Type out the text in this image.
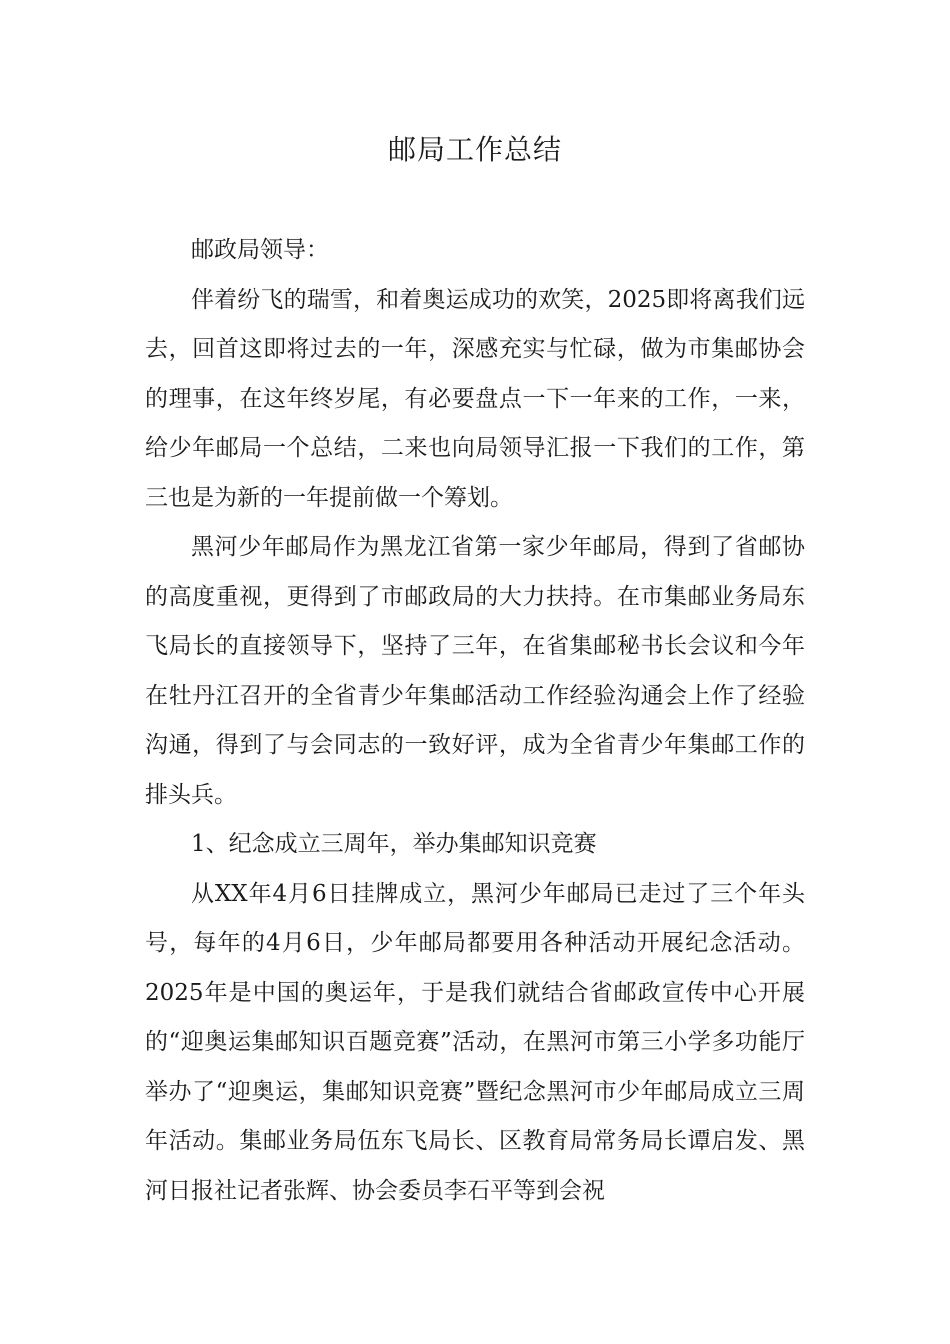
邮局工作总结

邮政局领导：

伴着纷飞的瑞雪，和着奥运成功的欢笑，2025即将离我们远去，回首这即将过去的一年，深感充实与忙碌，做为市集邮协会的理事，在这年终岁尾，有必要盘点一下一年来的工作，一来，给少年邮局一个总结，二来也向局领导汇报一下我们的工作，第三也是为新的一年提前做一个筹划。

黑河少年邮局作为黑龙江省第一家少年邮局，得到了省邮协的高度重视，更得到了市邮政局的大力扶持。在市集邮业务局东飞局长的直接领导下，坚持了三年，在省集邮秘书长会议和今年在牡丹江召开的全省青少年集邮活动工作经验沟通会上作了经验沟通，得到了与会同志的一致好评，成为全省青少年集邮工作的排头兵。

1、纪念成立三周年，举办集邮知识竞赛

从XX年4月6日挂牌成立，黑河少年邮局已走过了三个年头号，每年的4月6日，少年邮局都要用各种活动开展纪念活动。2025年是中国的奥运年，于是我们就结合省邮政宣传中心开展的“迎奥运集邮知识百题竞赛”活动，在黑河市第三小学多功能厅举办了“迎奥运，集邮知识竞赛”暨纪念黑河市少年邮局成立三周年活动。集邮业务局伍东飞局长、区教育局常务局长谭启发、黑河日报社记者张辉、协会委员李石平等到会祝
